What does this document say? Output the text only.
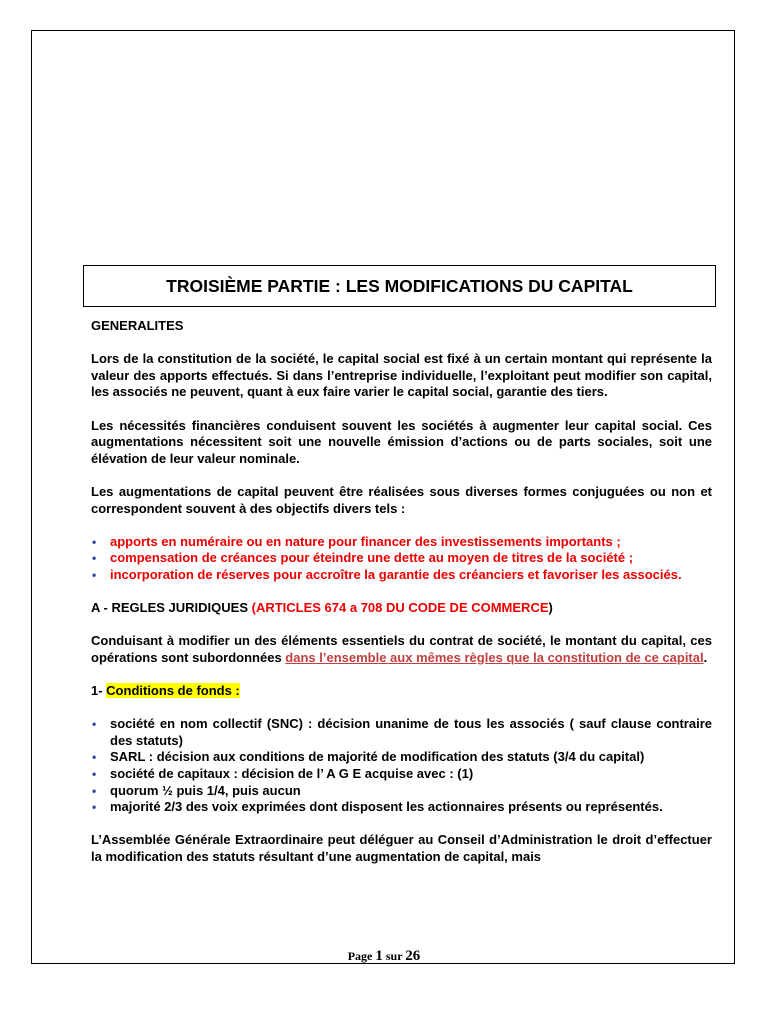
TROISIÈME PARTIE : LES MODIFICATIONS DU CAPITAL
GENERALITES

Lors de la constitution de la société, le capital social est fixé à un certain montant qui représente la valeur des apports effectués. Si dans l’entreprise individuelle, l’exploitant peut modifier son capital, les associés ne peuvent, quant à eux faire varier le capital social, garantie des tiers.

Les nécessités financières conduisent souvent les sociétés à augmenter leur capital social. Ces augmentations nécessitent soit une nouvelle émission d’actions ou de parts sociales, soit une élévation de leur valeur nominale.

Les augmentations de capital peuvent être réalisées sous diverses formes conjuguées ou non et correspondent souvent à des objectifs divers tels :

•	apports en numéraire ou en nature pour financer des investissements importants ;
•	compensation de créances pour éteindre une dette au moyen de titres de la société ;
•	incorporation de réserves pour accroître la garantie des créanciers et favoriser les associés.
A - REGLES JURIDIQUES (ARTICLES 674 a 708 DU CODE DE COMMERCE)

Conduisant à modifier un des éléments essentiels du contrat de société, le montant du capital, ces opérations sont subordonnées dans l’ensemble aux mêmes règles que la constitution de ce capital.

1- Conditions de fonds :
•	société en nom collectif (SNC) : décision unanime de tous les associés ( sauf clause contraire des statuts)
•	SARL : décision aux conditions de majorité de modification des statuts (3/4 du capital)
•	société de capitaux : décision de l’ A G E acquise avec : (1)
•	quorum ½ puis 1/4, puis aucun
•	majorité 2/3 des voix exprimées dont disposent les actionnaires présents ou représentés.

L’Assemblée Générale Extraordinaire peut déléguer au Conseil d’Administration le droit d’effectuer la modification des statuts résultant d’une augmentation de capital, mais

Page 1 sur 26
